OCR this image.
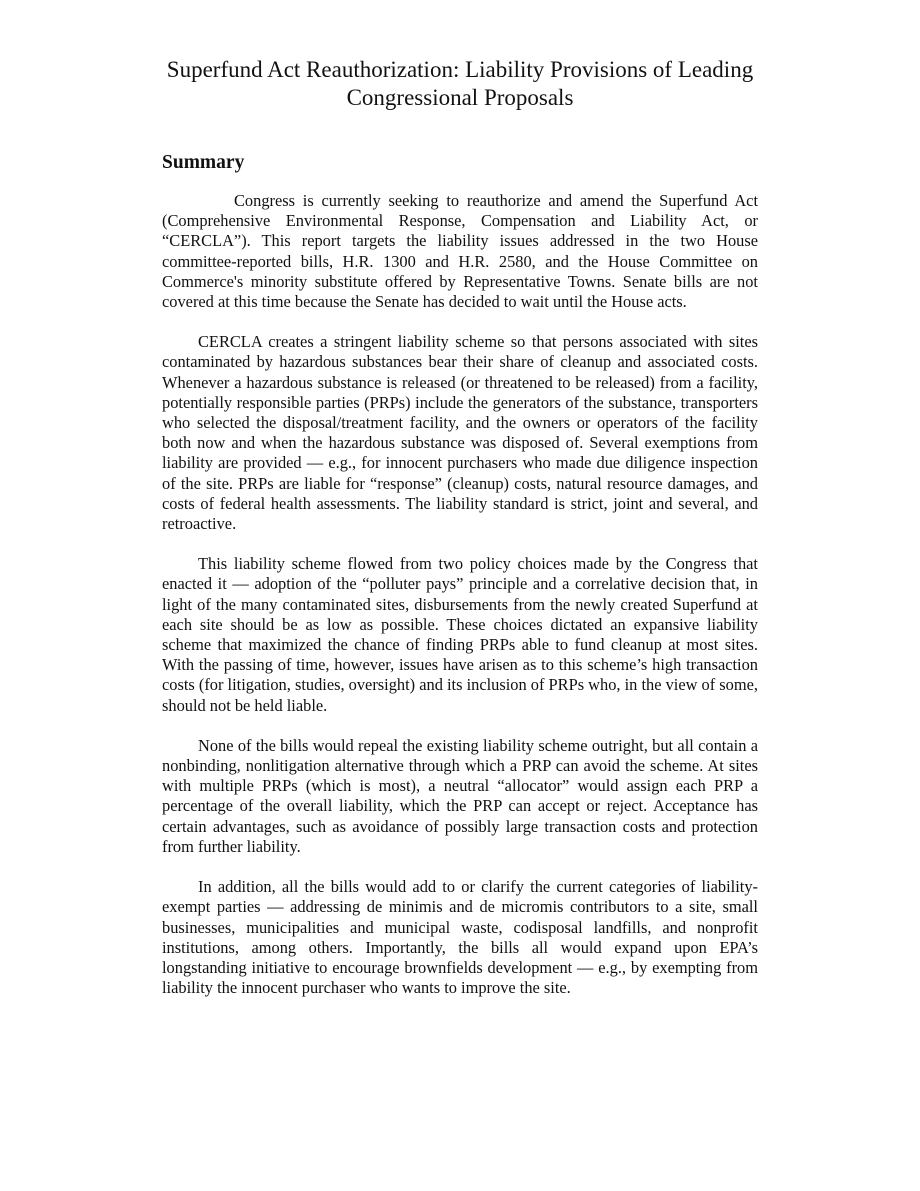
Superfund Act Reauthorization: Liability Provisions of Leading Congressional Proposals
Summary

Congress is currently seeking to reauthorize and amend the Superfund Act (Comprehensive Environmental Response, Compensation and Liability Act, or “CERCLA”). This report targets the liability issues addressed in the two House committee-reported bills, H.R. 1300 and H.R. 2580, and the House Committee on Commerce's minority substitute offered by Representative Towns. Senate bills are not covered at this time because the Senate has decided to wait until the House acts.

CERCLA creates a stringent liability scheme so that persons associated with sites contaminated by hazardous substances bear their share of cleanup and associated costs. Whenever a hazardous substance is released (or threatened to be released) from a facility, potentially responsible parties (PRPs) include the generators of the substance, transporters who selected the disposal/treatment facility, and the owners or operators of the facility both now and when the hazardous substance was disposed of. Several exemptions from liability are provided — e.g., for innocent purchasers who made due diligence inspection of the site. PRPs are liable for “response” (cleanup) costs, natural resource damages, and costs of federal health assessments. The liability standard is strict, joint and several, and retroactive.

This liability scheme flowed from two policy choices made by the Congress that enacted it — adoption of the “polluter pays” principle and a correlative decision that, in light of the many contaminated sites, disbursements from the newly created Superfund at each site should be as low as possible. These choices dictated an expansive liability scheme that maximized the chance of finding PRPs able to fund cleanup at most sites. With the passing of time, however, issues have arisen as to this scheme’s high transaction costs (for litigation, studies, oversight) and its inclusion of PRPs who, in the view of some, should not be held liable.

None of the bills would repeal the existing liability scheme outright, but all contain a nonbinding, nonlitigation alternative through which a PRP can avoid the scheme. At sites with multiple PRPs (which is most), a neutral “allocator” would assign each PRP a percentage of the overall liability, which the PRP can accept or reject. Acceptance has certain advantages, such as avoidance of possibly large transaction costs and protection from further liability.

In addition, all the bills would add to or clarify the current categories of liability-exempt parties — addressing de minimis and de micromis contributors to a site, small businesses, municipalities and municipal waste, codisposal landfills, and nonprofit institutions, among others. Importantly, the bills all would expand upon EPA’s longstanding initiative to encourage brownfields development — e.g., by exempting from liability the innocent purchaser who wants to improve the site.
